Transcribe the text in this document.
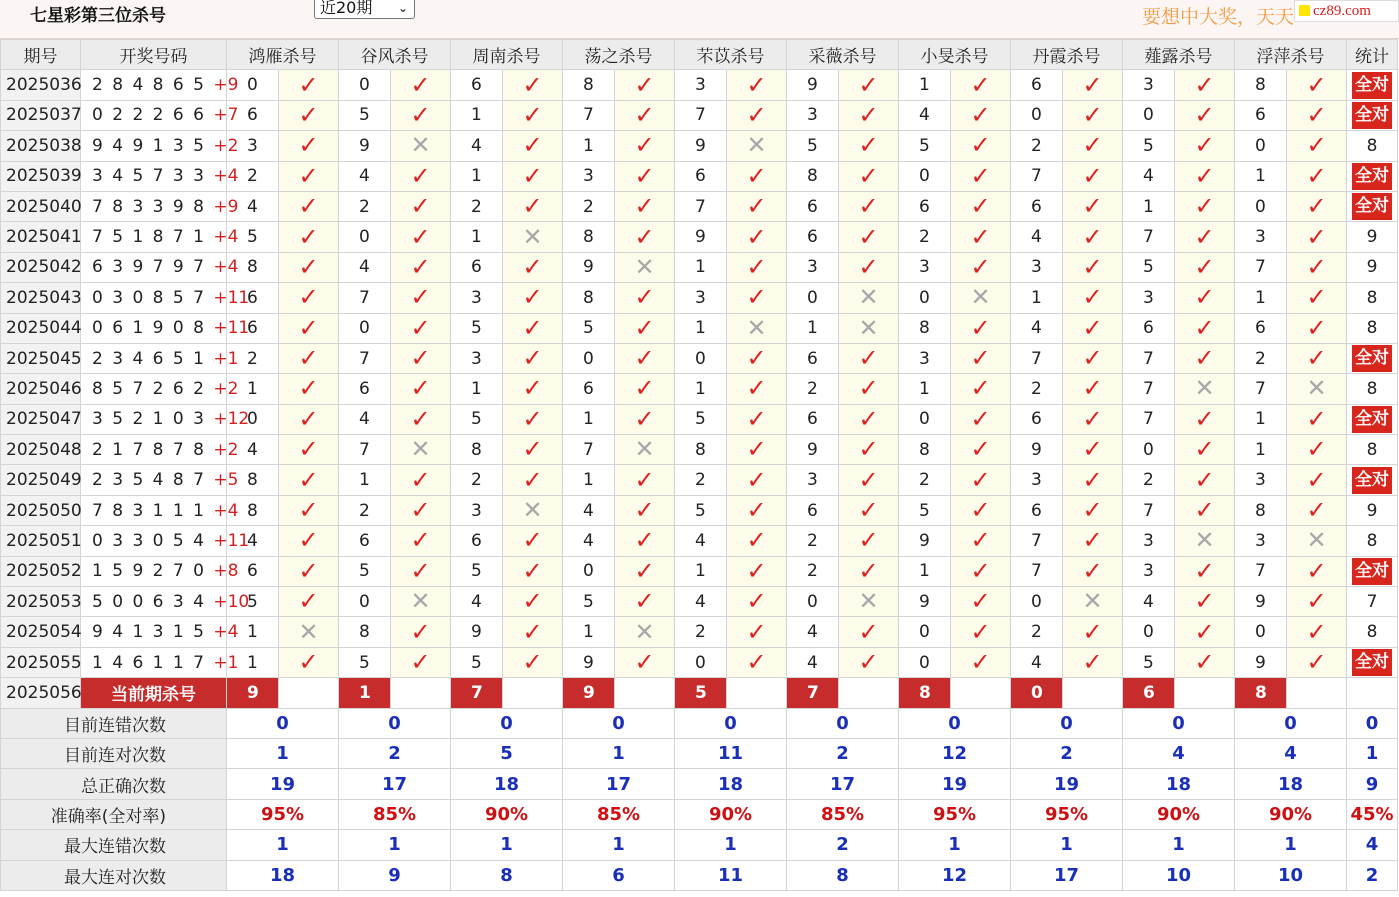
七星彩第三位杀号	近20期 ⌄	要想中大奖，天天	cz89.com
期号	开奖号码	鸿雁杀号		谷风杀号		周南杀号		荡之杀号		芣苡杀号		采薇杀号		小旻杀号		丹霞杀号		薤露杀号		浮萍杀号		统计
2025036	2 8 4 8 6 5 +9	0	✓	0	✓	6	✓	8	✓	3	✓	9	✓	1	✓	6	✓	3	✓	8	✓	全对
2025037	0 2 2 2 6 6 +7	6	✓	5	✓	1	✓	7	✓	7	✓	3	✓	4	✓	0	✓	0	✓	6	✓	全对
2025038	9 4 9 1 3 5 +2	3	✓	9	✕	4	✓	1	✓	9	✕	5	✓	5	✓	2	✓	5	✓	0	✓	8
2025039	3 4 5 7 3 3 +4	2	✓	4	✓	1	✓	3	✓	6	✓	8	✓	0	✓	7	✓	4	✓	1	✓	全对
2025040	7 8 3 3 9 8 +9	4	✓	2	✓	2	✓	2	✓	7	✓	6	✓	6	✓	6	✓	1	✓	0	✓	全对
2025041	7 5 1 8 7 1 +4	5	✓	0	✓	1	✕	8	✓	9	✓	6	✓	2	✓	4	✓	7	✓	3	✓	9
2025042	6 3 9 7 9 7 +4	8	✓	4	✓	6	✓	9	✕	1	✓	3	✓	3	✓	3	✓	5	✓	7	✓	9
2025043	0 3 0 8 5 7 +11	6	✓	7	✓	3	✓	8	✓	3	✓	0	✕	0	✕	1	✓	3	✓	1	✓	8
2025044	0 6 1 9 0 8 +11	6	✓	0	✓	5	✓	5	✓	1	✕	1	✕	8	✓	4	✓	6	✓	6	✓	8
2025045	2 3 4 6 5 1 +1	2	✓	7	✓	3	✓	0	✓	0	✓	6	✓	3	✓	7	✓	7	✓	2	✓	全对
2025046	8 5 7 2 6 2 +2	1	✓	6	✓	1	✓	6	✓	1	✓	2	✓	1	✓	2	✓	7	✕	7	✕	8
2025047	3 5 2 1 0 3 +12	0	✓	4	✓	5	✓	1	✓	5	✓	6	✓	0	✓	6	✓	7	✓	1	✓	全对
2025048	2 1 7 8 7 8 +2	4	✓	7	✕	8	✓	7	✕	8	✓	9	✓	8	✓	9	✓	0	✓	1	✓	8
2025049	2 3 5 4 8 7 +5	8	✓	1	✓	2	✓	1	✓	2	✓	3	✓	2	✓	3	✓	2	✓	3	✓	全对
2025050	7 8 3 1 1 1 +4	8	✓	2	✓	3	✕	4	✓	5	✓	6	✓	5	✓	6	✓	7	✓	8	✓	9
2025051	0 3 3 0 5 4 +11	4	✓	6	✓	6	✓	4	✓	4	✓	2	✓	9	✓	7	✓	3	✕	3	✕	8
2025052	1 5 9 2 7 0 +8	6	✓	5	✓	5	✓	0	✓	1	✓	2	✓	1	✓	7	✓	3	✓	7	✓	全对
2025053	5 0 0 6 3 4 +10	5	✓	0	✕	4	✓	5	✓	4	✓	0	✕	9	✓	0	✕	4	✓	9	✓	7
2025054	9 4 1 3 1 5 +4	1	✕	8	✓	9	✓	1	✕	2	✓	4	✓	0	✓	2	✓	0	✓	0	✓	8
2025055	1 4 6 1 1 7 +1	1	✓	5	✓	5	✓	9	✓	0	✓	4	✓	0	✓	4	✓	5	✓	9	✓	全对
2025056	当前期杀号	9		1		7		9		5		7		8		0		6		8		
目前连错次数		0		0		0		0		0		0		0		0		0		0		0
目前连对次数		1		2		5		1		11		2		12		2		4		4		1
总正确次数		19		17		18		17		18		17		19		19		18		18		9
准确率(全对率)		95%		85%		90%		85%		90%		85%		95%		95%		90%		90%		45%
最大连错次数		1		1		1		1		1		2		1		1		1		1		4
最大连对次数		18		9		8		6		11		8		12		17		10		10		2
